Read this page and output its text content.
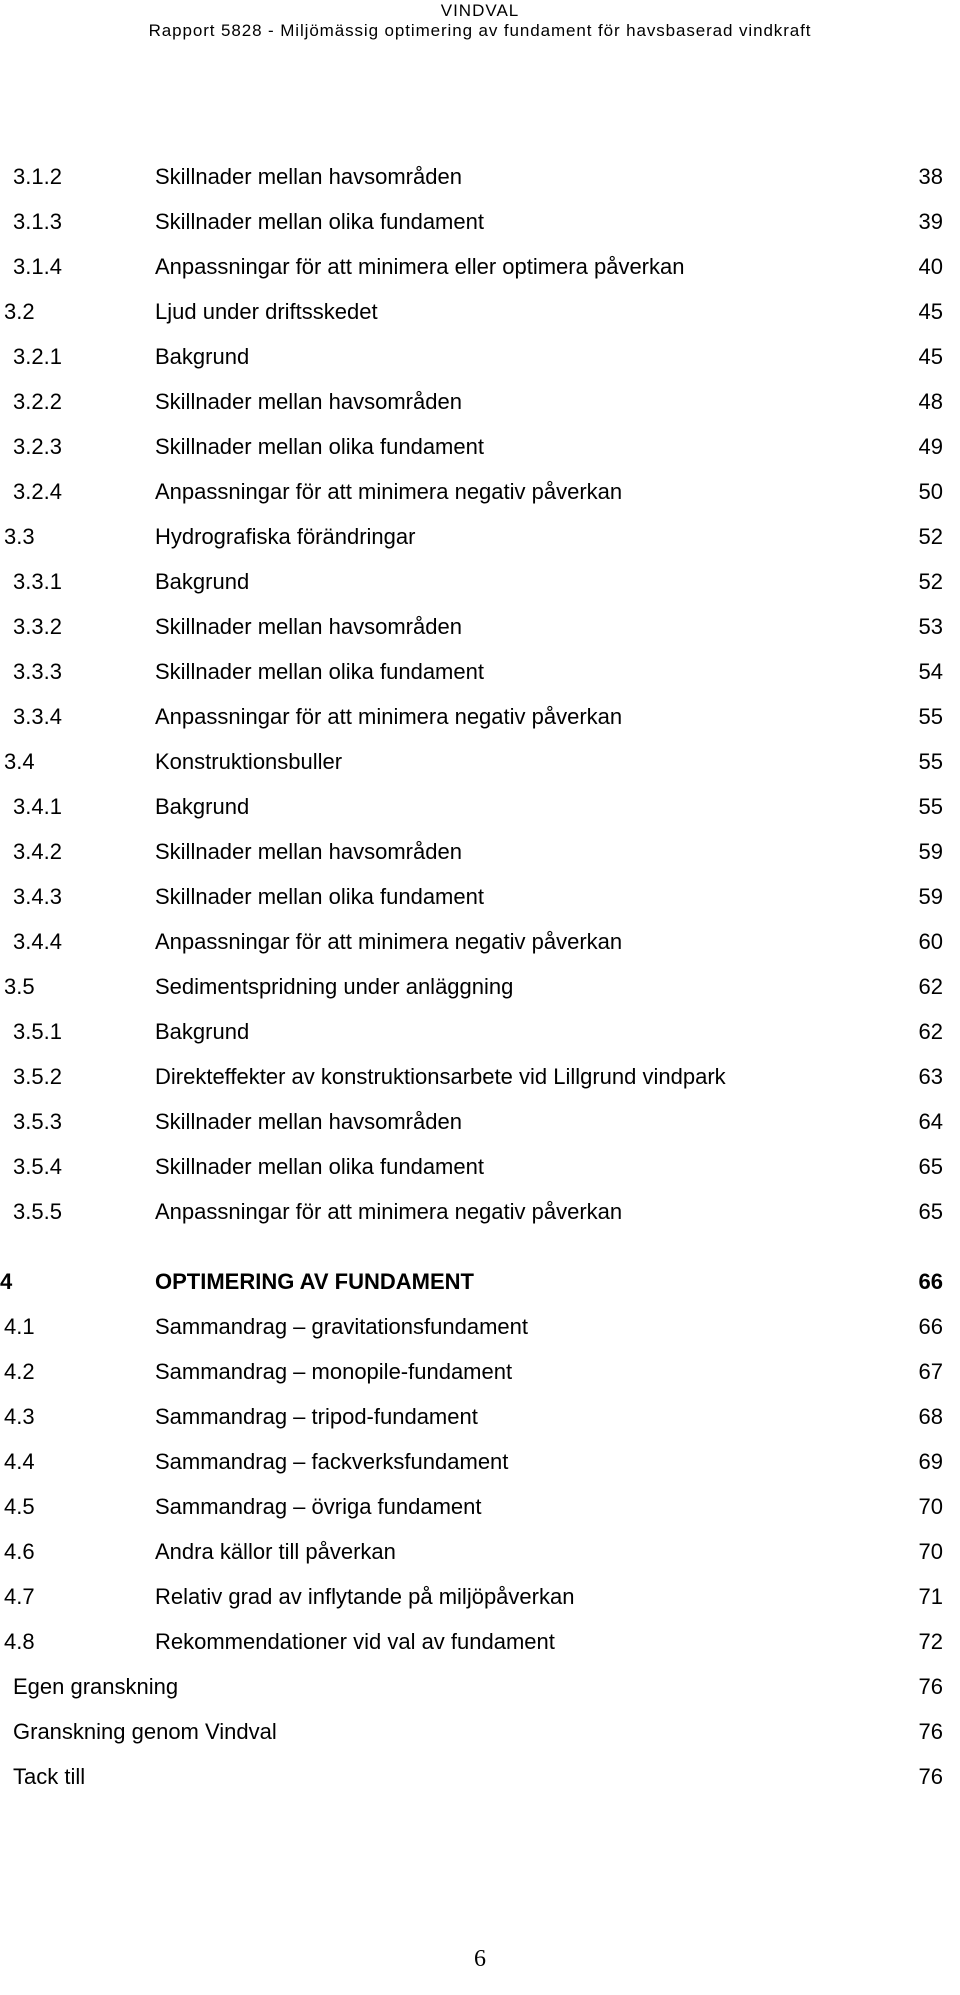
VINDVAL
Rapport 5828 - Miljömässig optimering av fundament för havsbaserad vindkraft
3.1.2	Skillnader mellan havsområden	38
3.1.3	Skillnader mellan olika fundament	39
3.1.4	Anpassningar för att minimera eller optimera påverkan	40
3.2	Ljud under driftsskedet	45
3.2.1	Bakgrund	45
3.2.2	Skillnader mellan havsområden	48
3.2.3	Skillnader mellan olika fundament	49
3.2.4	Anpassningar för att minimera negativ påverkan	50
3.3	Hydrografiska förändringar	52
3.3.1	Bakgrund	52
3.3.2	Skillnader mellan havsområden	53
3.3.3	Skillnader mellan olika fundament	54
3.3.4	Anpassningar för att minimera negativ påverkan	55
3.4	Konstruktionsbuller	55
3.4.1	Bakgrund	55
3.4.2	Skillnader mellan havsområden	59
3.4.3	Skillnader mellan olika fundament	59
3.4.4	Anpassningar för att minimera negativ påverkan	60
3.5	Sedimentspridning under anläggning	62
3.5.1	Bakgrund	62
3.5.2	Direkteffekter av konstruktionsarbete vid Lillgrund vindpark	63
3.5.3	Skillnader mellan havsområden	64
3.5.4	Skillnader mellan olika fundament	65
3.5.5	Anpassningar för att minimera negativ påverkan	65
4	OPTIMERING AV FUNDAMENT	66
4.1	Sammandrag – gravitationsfundament	66
4.2	Sammandrag – monopile-fundament	67
4.3	Sammandrag – tripod-fundament	68
4.4	Sammandrag – fackverksfundament	69
4.5	Sammandrag – övriga fundament	70
4.6	Andra källor till påverkan	70
4.7	Relativ grad av inflytande på miljöpåverkan	71
4.8	Rekommendationer vid val av fundament	72
Egen granskning	76
Granskning genom Vindval	76
Tack till	76
6
